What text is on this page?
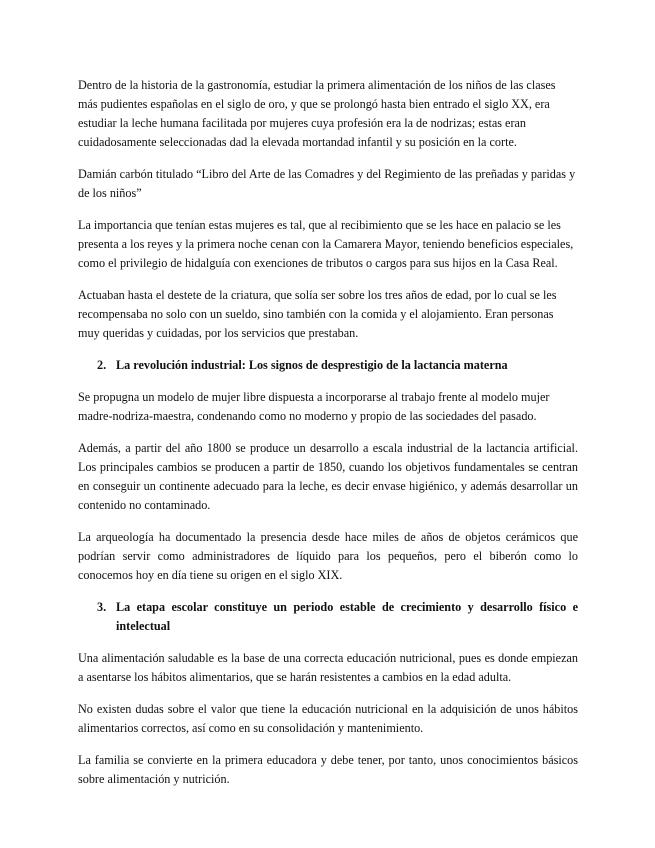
Dentro de la historia de la gastronomía, estudiar la primera alimentación de los niños de las clases más pudientes españolas en el siglo de oro, y que se prolongó hasta bien entrado el siglo XX, era estudiar la leche humana facilitada por mujeres cuya profesión era la de nodrizas; estas eran cuidadosamente seleccionadas dad la elevada mortandad infantil y su posición en la corte.

Damián carbón titulado “Libro del Arte de las Comadres y del Regimiento de las preñadas y paridas y de los niños”

La importancia que tenían estas mujeres es tal, que al recibimiento que se les hace en palacio se les presenta a los reyes y la primera noche cenan con la Camarera Mayor, teniendo beneficios especiales, como el privilegio de hidalguía con exenciones de tributos o cargos para sus hijos en la Casa Real.

Actuaban hasta el destete de la criatura, que solía ser sobre los tres años de edad, por lo cual se les recompensaba no solo con un sueldo, sino también con la comida y el alojamiento. Eran personas muy queridas y cuidadas, por los servicios que prestaban.

2. La revolución industrial: Los signos de desprestigio de la lactancia materna

Se propugna un modelo de mujer libre dispuesta a incorporarse al trabajo frente al modelo mujer madre-nodriza-maestra, condenando como no moderno y propio de las sociedades del pasado.

Además, a partir del año 1800 se produce un desarrollo a escala industrial de la lactancia artificial. Los principales cambios se producen a partir de 1850, cuando los objetivos fundamentales se centran en conseguir un continente adecuado para la leche, es decir envase higiénico, y además desarrollar un contenido no contaminado.

La arqueología ha documentado la presencia desde hace miles de años de objetos cerámicos que podrían servir como administradores de líquido para los pequeños, pero el biberón como lo conocemos hoy en día tiene su origen en el siglo XIX.

3. La etapa escolar constituye un periodo estable de crecimiento y desarrollo físico e intelectual

Una alimentación saludable es la base de una correcta educación nutricional, pues es donde empiezan a asentarse los hábitos alimentarios, que se harán resistentes a cambios en la edad adulta.

No existen dudas sobre el valor que tiene la educación nutricional en la adquisición de unos hábitos alimentarios correctos, así como en su consolidación y mantenimiento.

La familia se convierte en la primera educadora y debe tener, por tanto, unos conocimientos básicos sobre alimentación y nutrición.
